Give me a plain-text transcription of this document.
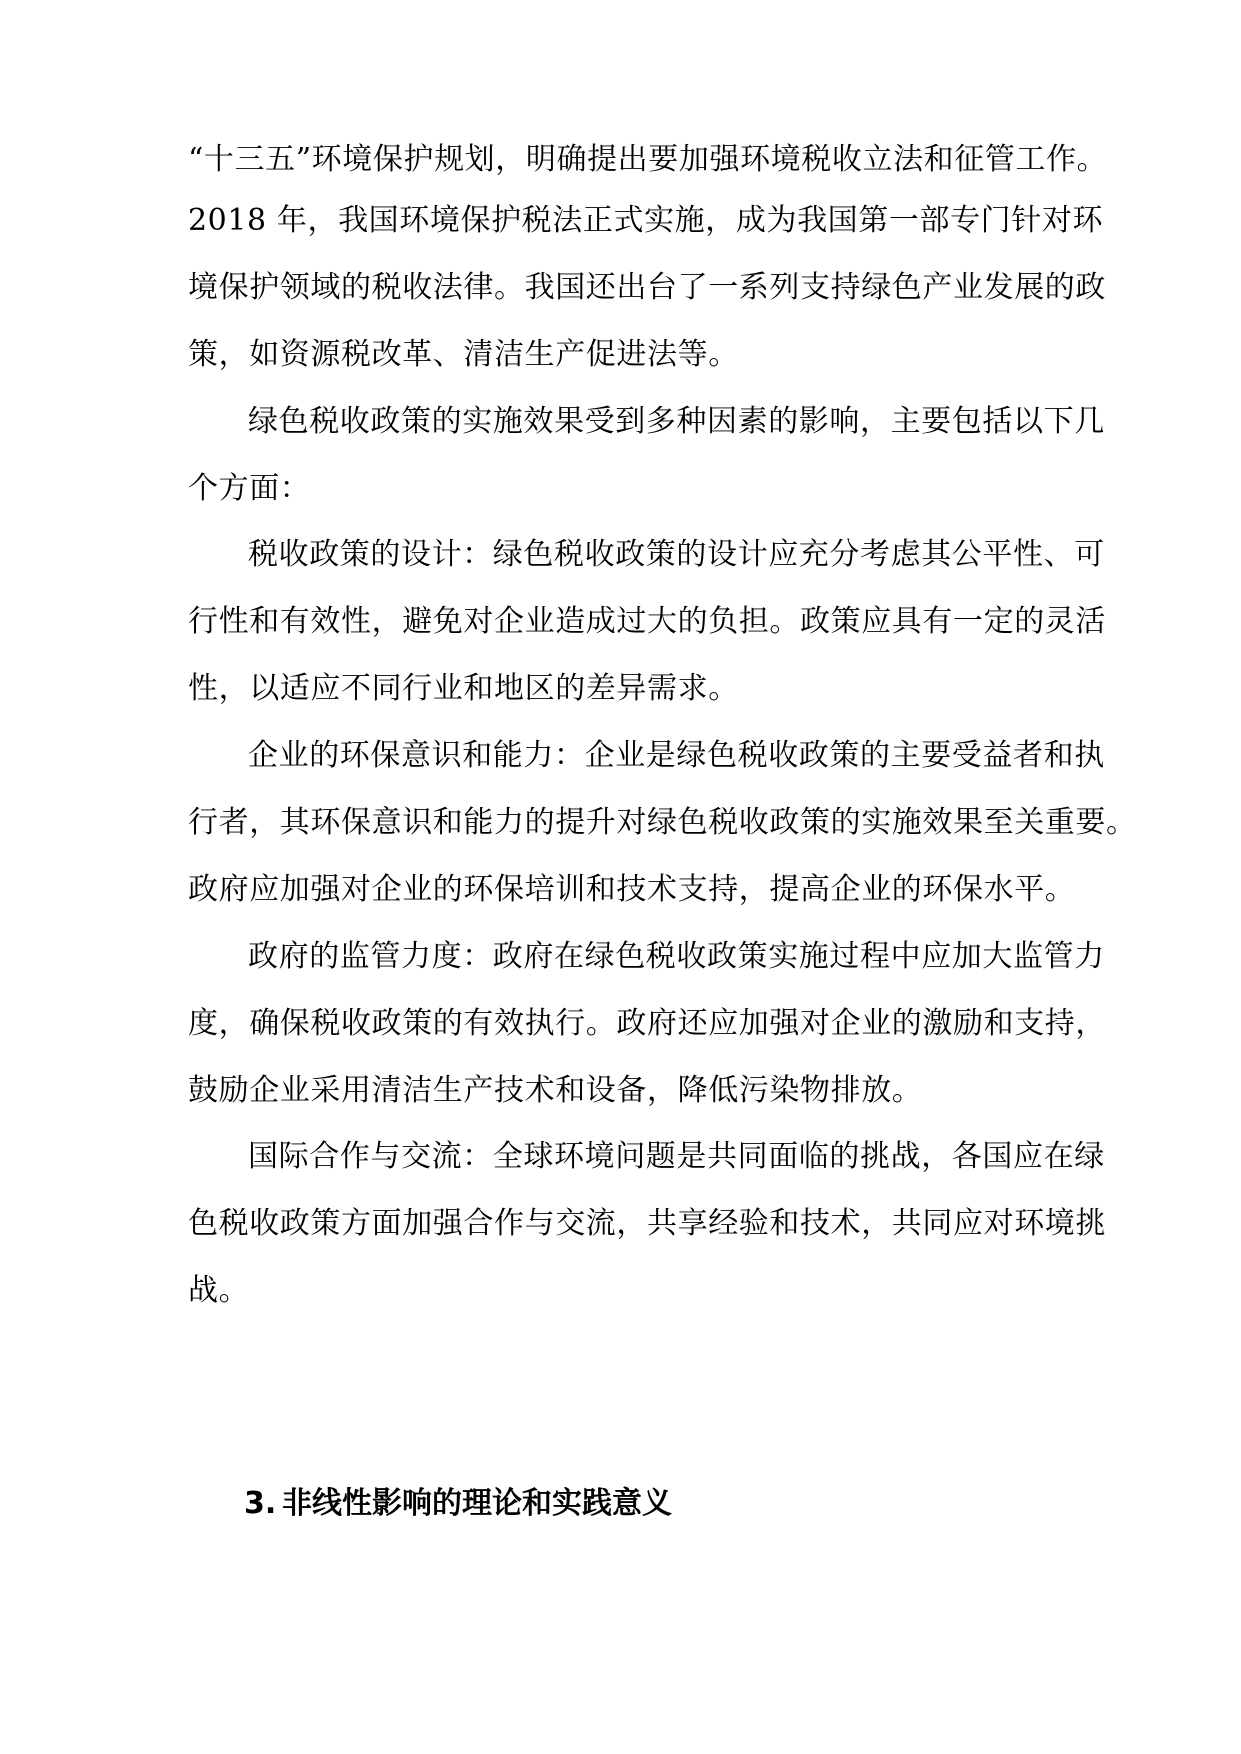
“十三五”环境保护规划，明确提出要加强环境税收立法和征管工作。
2018 年，我国环境保护税法正式实施，成为我国第一部专门针对环
境保护领域的税收法律。我国还出台了一系列支持绿色产业发展的政
策，如资源税改革、清洁生产促进法等。
绿色税收政策的实施效果受到多种因素的影响，主要包括以下几
个方面：
税收政策的设计：绿色税收政策的设计应充分考虑其公平性、可
行性和有效性，避免对企业造成过大的负担。政策应具有一定的灵活
性，以适应不同行业和地区的差异需求。
企业的环保意识和能力：企业是绿色税收政策的主要受益者和执
行者，其环保意识和能力的提升对绿色税收政策的实施效果至关重要。
政府应加强对企业的环保培训和技术支持，提高企业的环保水平。
政府的监管力度：政府在绿色税收政策实施过程中应加大监管力
度，确保税收政策的有效执行。政府还应加强对企业的激励和支持，
鼓励企业采用清洁生产技术和设备，降低污染物排放。
国际合作与交流：全球环境问题是共同面临的挑战，各国应在绿
色税收政策方面加强合作与交流，共享经验和技术，共同应对环境挑
战。
3. 非线性影响的理论和实践意义
